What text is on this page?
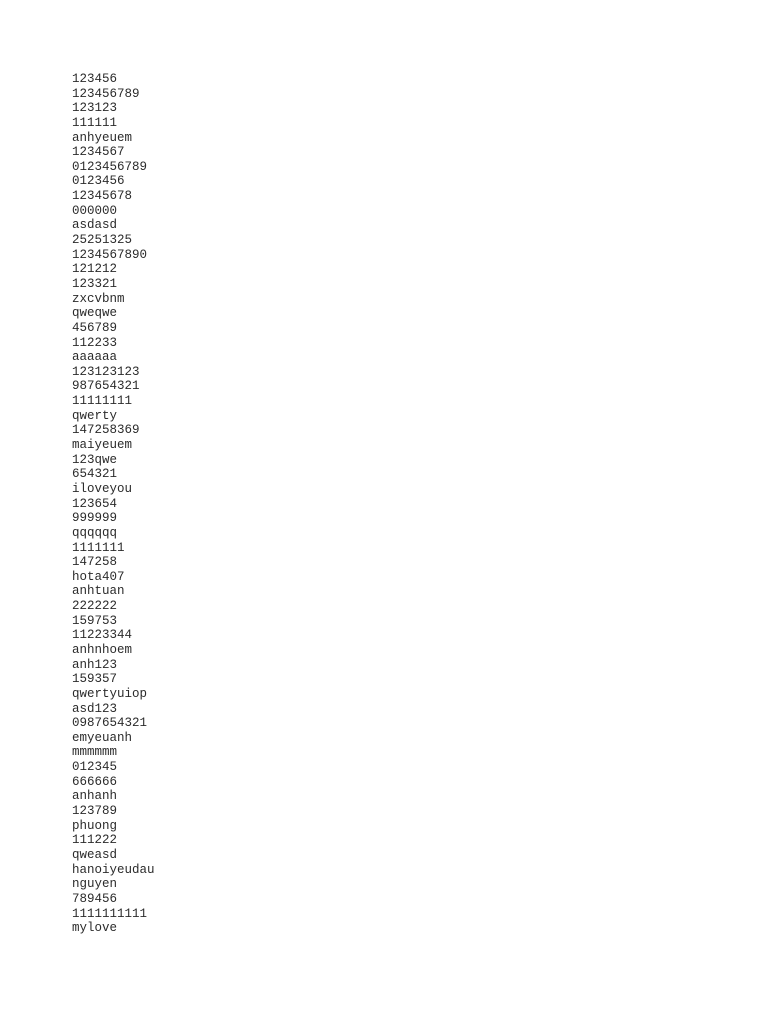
123456
123456789
123123
111111
anhyeuem
1234567
0123456789
0123456
12345678
000000
asdasd
25251325
1234567890
121212
123321
zxcvbnm
qweqwe
456789
112233
aaaaaa
123123123
987654321
11111111
qwerty
147258369
maiyeuem
123qwe
654321
iloveyou
123654
999999
qqqqqq
1111111
147258
hota407
anhtuan
222222
159753
11223344
anhnhoem
anh123
159357
qwertyuiop
asd123
0987654321
emyeuanh
mmmmmm
012345
666666
anhanh
123789
phuong
111222
qweasd
hanoiyeudau
nguyen
789456
1111111111
mylove
